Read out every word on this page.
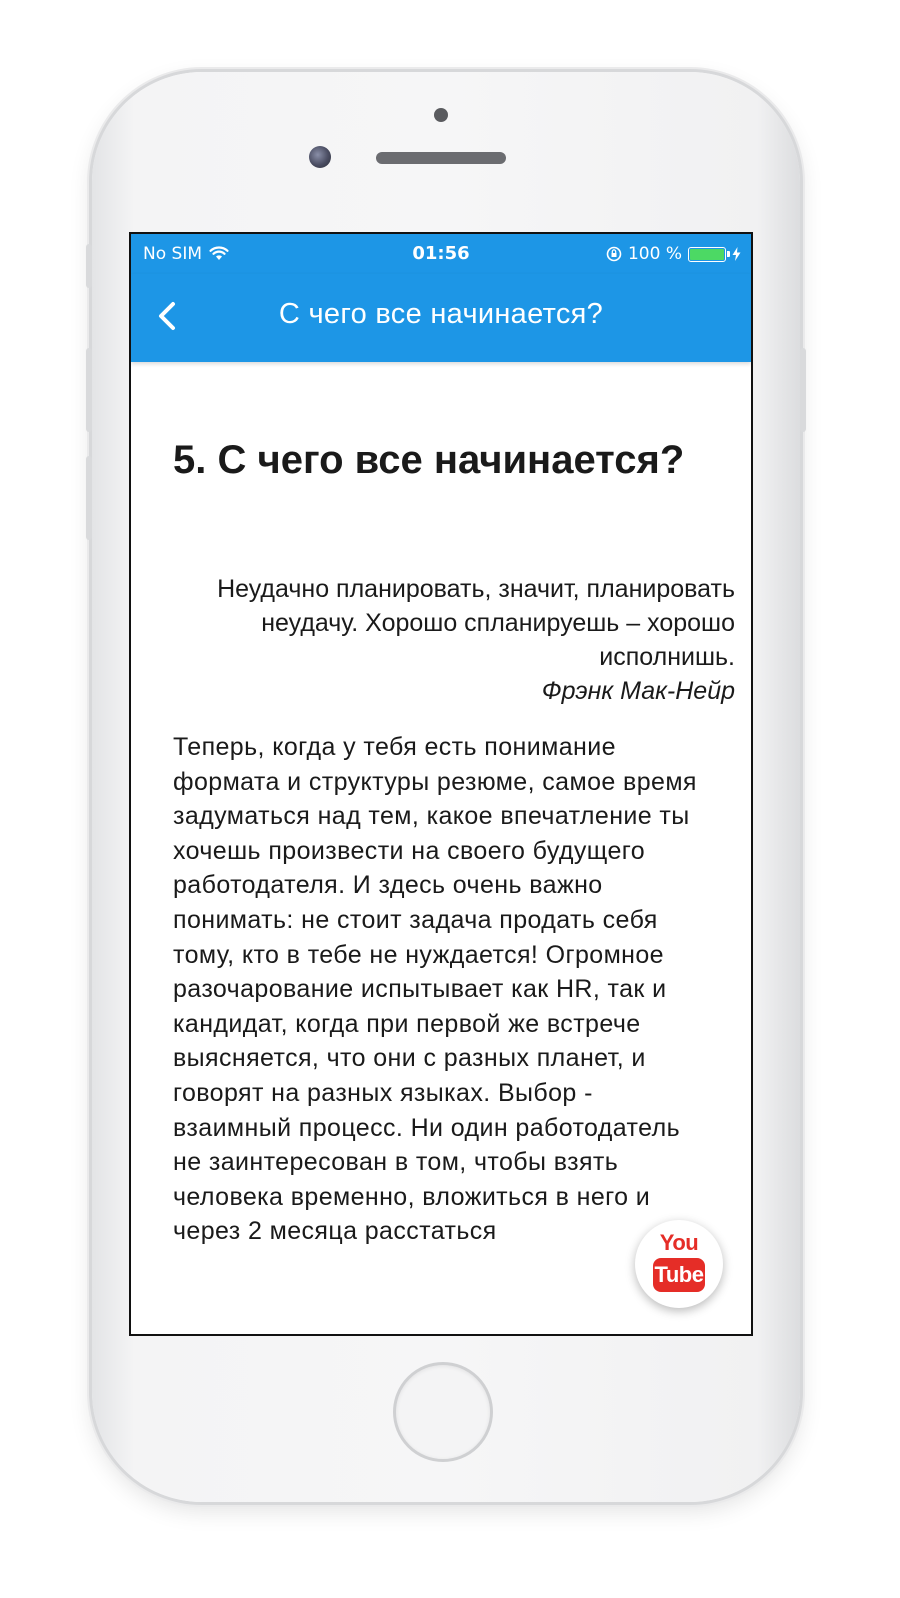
No SIM	01:56	100 %
С чего все начинается?
5. С чего все начинается?
Неудачно планировать, значит, планировать неудачу. Хорошо спланируешь – хорошо исполнишь.
Фрэнк Мак-Нейр

Теперь, когда у тебя есть понимание формата и структуры резюме, самое время задуматься над тем, какое впечатление ты хочешь произвести на своего будущего работодателя. И здесь очень важно понимать: не стоит задача продать себя тому, кто в тебе не нуждается! Огромное разочарование испытывает как HR, так и кандидат, когда при первой же встрече выясняется, что они с разных планет, и говорят на разных языках. Выбор - взаимный процесс. Ни один работодатель не заинтересован в том, чтобы взять человека временно, вложиться в него и через 2 месяца расстаться	You
Tube
